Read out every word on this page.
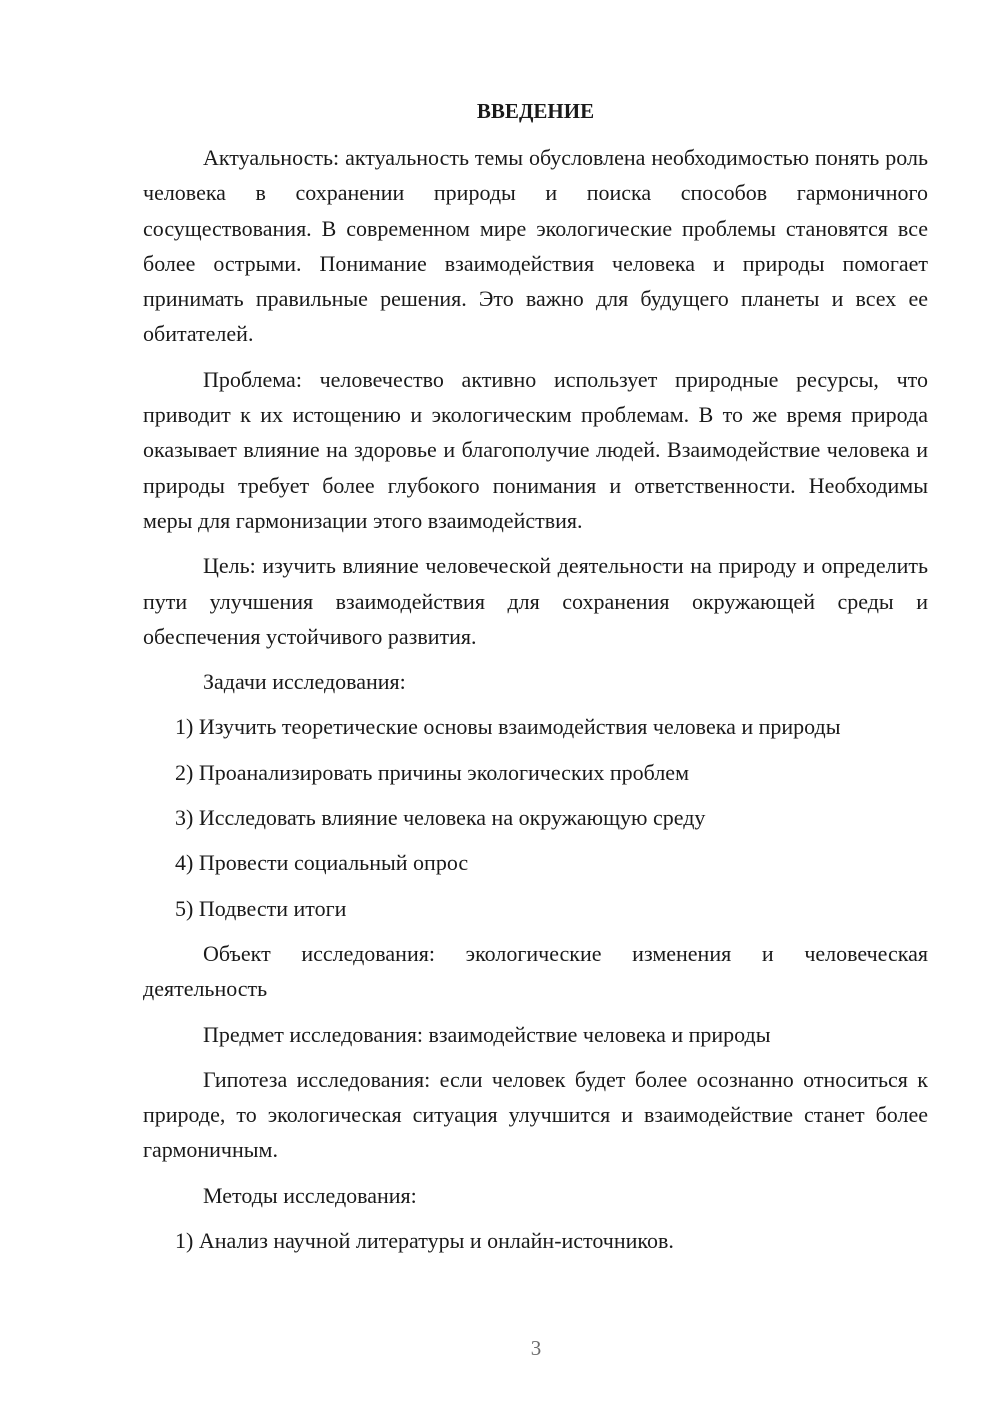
ВВЕДЕНИЕ

Актуальность: актуальность темы обусловлена необходимостью понять роль человека в сохранении природы и поиска способов гармоничного сосуществования. В современном мире экологические проблемы становятся все более острыми. Понимание взаимодействия человека и природы помогает принимать правильные решения. Это важно для будущего планеты и всех ее обитателей.

Проблема: человечество активно использует природные ресурсы, что приводит к их истощению и экологическим проблемам. В то же время природа оказывает влияние на здоровье и благополучие людей. Взаимодействие человека и природы требует более глубокого понимания и ответственности. Необходимы меры для гармонизации этого взаимодействия.

Цель: изучить влияние человеческой деятельности на природу и определить пути улучшения взаимодействия для сохранения окружающей среды и обеспечения устойчивого развития.

Задачи исследования:

1) Изучить теоретические основы взаимодействия человека и природы
2) Проанализировать причины экологических проблем
3) Исследовать влияние человека на окружающую среду
4) Провести социальный опрос
5) Подвести итоги

Объект исследования: экологические изменения и человеческая деятельность

Предмет исследования: взаимодействие человека и природы

Гипотеза исследования: если человек будет более осознанно относиться к природе, то экологическая ситуация улучшится и взаимодействие станет более гармоничным.

Методы исследования:

1) Анализ научной литературы и онлайн-источников.
3
